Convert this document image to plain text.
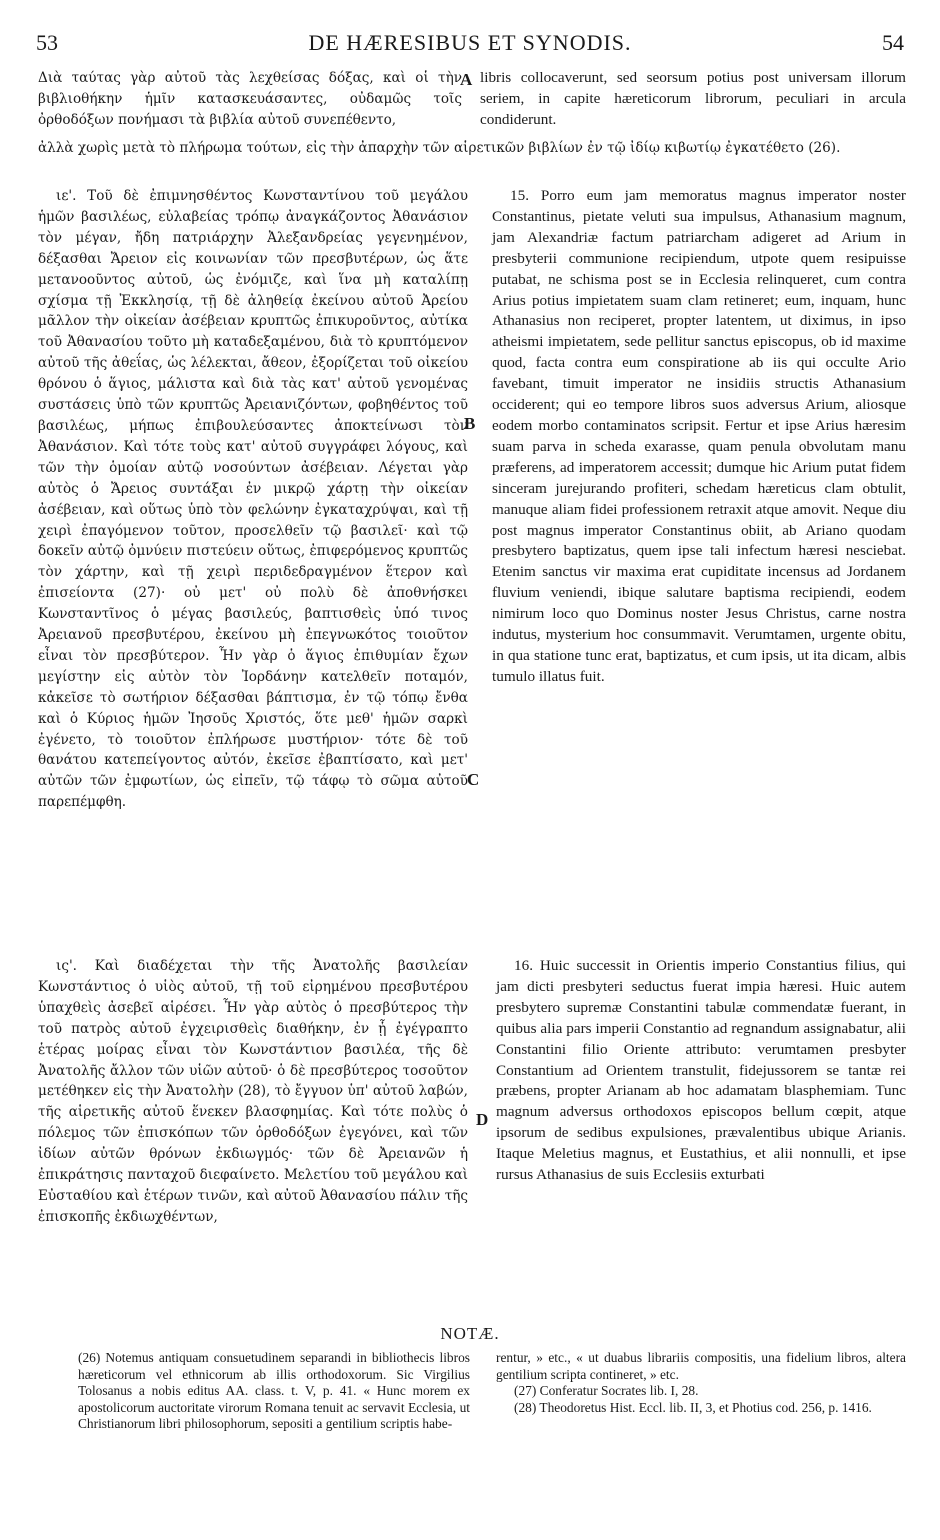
53	DE HÆRESIBUS ET SYNODIS.	54

Διὰ ταύτας γὰρ αὐτοῦ τὰς λεχθείσας δόξας, καὶ οἱ τὴν βιβλιοθήκην ἡμῖν κατασκευάσαντες, οὐδαμῶς τοῖς ὀρθοδόξων πονήμασι τὰ βιβλία αὐτοῦ συνεπέθεντο,

A libris collocaverunt, sed seorsum potius post universam illorum seriem, in capite hæreticorum librorum, peculiari in arcula condiderunt.

ἀλλὰ χωρὶς μετὰ τὸ πλήρωμα τούτων, εἰς τὴν ἀπαρχὴν τῶν αἱρετικῶν βιβλίων ἐν τῷ ἰδίῳ κιβωτίῳ ἐγκατέθετο (26).

ιε'. Τοῦ δὲ ἐπιμνησθέντος Κωνσταντίνου τοῦ μεγάλου ἡμῶν βασιλέως, εὐλαβείας τρόπῳ ἀναγκάζοντος Ἀθανάσιον τὸν μέγαν, ἤδη πατριάρχην Ἀλεξανδρείας γεγενημένον, δέξασθαι Ἄρειον εἰς κοινωνίαν τῶν πρεσβυτέρων, ὡς ἅτε μετανοοῦντος αὐτοῦ, ὡς ἐνόμιζε, καὶ ἵνα μὴ καταλίπῃ σχίσμα τῇ Ἐκκλησίᾳ, τῇ δὲ ἀληθείᾳ ἐκείνου αὐτοῦ Ἀρείου μᾶλλον τὴν οἰκείαν ἀσέβειαν κρυπτῶς ἐπικυροῦντος, αὐτίκα τοῦ Ἀθανασίου τοῦτο μὴ καταδεξαμένου, διὰ τὸ κρυπτόμενον αὐτοῦ τῆς ἀθεΐας, ὡς λέλεκται, ἄθεον, ἐξορίζεται τοῦ οἰκείου θρόνου ὁ ἅγιος, μάλιστα καὶ διὰ τὰς κατ' αὐτοῦ γενομένας συστάσεις ὑπὸ τῶν κρυπτῶς Ἀρειανιζόντων, φοβηθέντος τοῦ βασιλέως, μήπως ἐπιβουλεύσαντες ἀποκτείνωσι τὸν Ἀθανάσιον. Καὶ τότε τοὺς κατ' αὐτοῦ συγγράφει λόγους, καὶ τῶν τὴν ὁμοίαν αὐτῷ νοσούντων ἀσέβειαν. Λέγεται γὰρ αὐτὸς ὁ Ἄρειος συντάξαι ἐν μικρῷ χάρτῃ τὴν οἰκείαν ἀσέβειαν, καὶ οὕτως ὑπὸ τὸν φελώνην ἐγκαταχρύψαι, καὶ τῇ χειρὶ ἐπαγόμενον τοῦτον, προσελθεῖν τῷ βασιλεῖ· καὶ τῷ δοκεῖν αὐτῷ ὀμνύειν πιστεύειν οὕτως, ἐπιφερόμενος κρυπτῶς τὸν χάρτην, καὶ τῇ χειρὶ περιδεδραγμένον ἕτερον καὶ ἐπισείοντα (27)· οὐ μετ' οὐ πολὺ δὲ ἀποθνήσκει Κωνσταντῖνος ὁ μέγας βασιλεύς, βαπτισθεὶς ὑπό τινος Ἀρειανοῦ πρεσβυτέρου, ἐκείνου μὴ ἐπεγνωκότος τοιοῦτον εἶναι τὸν πρεσβύτερον. Ἦν γὰρ ὁ ἅγιος ἐπιθυμίαν ἔχων μεγίστην εἰς αὐτὸν τὸν Ἰορδάνην κατελθεῖν ποταμόν, κἀκεῖσε τὸ σωτήριον δέξασθαι βάπτισμα, ἐν τῷ τόπῳ ἔνθα καὶ ὁ Κύριος ἡμῶν Ἰησοῦς Χριστός, ὅτε μεθ' ἡμῶν σαρκὶ ἐγένετο, τὸ τοιοῦτον ἐπλήρωσε μυστήριον· τότε δὲ τοῦ θανάτου κατεπείγοντος αὐτόν, ἐκεῖσε ἐβαπτίσατο, καὶ μετ' αὐτῶν τῶν ἐμφωτίων, ὡς εἰπεῖν, τῷ τάφῳ τὸ σῶμα αὐτοῦ παρεπέμφθη.

B
C

15. Porro eum jam memoratus magnus imperator noster Constantinus, pietate veluti sua impulsus, Athanasium magnum, jam Alexandriæ factum patriarcham adigeret ad Arium in presbyterii communione recipiendum, utpote quem resipuisse putabat, ne schisma post se in Ecclesia relinqueret, cum contra Arius potius impietatem suam clam retineret; eum, inquam, hunc Athanasius non reciperet, propter latentem, ut diximus, in ipso atheismi impietatem, sede pellitur sanctus episcopus, ob id maxime quod, facta contra eum conspiratione ab iis qui occulte Ario favebant, timuit imperator ne insidiis structis Athanasium occiderent; qui eo tempore libros suos adversus Arium, aliosque eodem morbo contaminatos scripsit. Fertur et ipse Arius hæresim suam parva in scheda exarasse, quam penula obvolutam manu præferens, ad imperatorem accessit; dumque hic Arium putat fidem sinceram jurejurando profiteri, schedam hæreticus clam obtulit, manuque aliam fidei professionem retraxit atque amovit. Neque diu post magnus imperator Constantinus obiit, ab Ariano quodam presbytero baptizatus, quem ipse tali infectum hæresi nesciebat. Etenim sanctus vir maxima erat cupiditate incensus ad Jordanem fluvium veniendi, ibique salutare baptisma recipiendi, eodem nimirum loco quo Dominus noster Jesus Christus, carne nostra indutus, mysterium hoc consummavit. Verumtamen, urgente obitu, in qua statione tunc erat, baptizatus, et cum ipsis, ut ita dicam, albis tumulo illatus fuit.

ις'. Καὶ διαδέχεται τὴν τῆς Ἀνατολῆς βασιλείαν Κωνστάντιος ὁ υἱὸς αὐτοῦ, τῇ τοῦ εἰρημένου πρεσβυτέρου ὑπαχθεὶς ἀσεβεῖ αἱρέσει. Ἦν γὰρ αὐτὸς ὁ πρεσβύτερος τὴν τοῦ πατρὸς αὐτοῦ ἐγχειρισθεὶς διαθήκην, ἐν ᾗ ἐγέγραπτο ἑτέρας μοίρας εἶναι τὸν Κωνστάντιον βασιλέα, τῆς δὲ Ἀνατολῆς ἄλλον τῶν υἱῶν αὐτοῦ· ὁ δὲ πρεσβύτερος τοσοῦτον μετέθηκεν εἰς τὴν Ἀνατολὴν (28), τὸ ἔγγυον ὑπ' αὐτοῦ λαβών, τῆς αἱρετικῆς αὐτοῦ ἕνεκεν βλασφημίας. Καὶ τότε πολὺς ὁ πόλεμος τῶν ἐπισκόπων τῶν ὀρθοδόξων ἐγεγόνει, καὶ τῶν ἰδίων αὐτῶν θρόνων ἐκδιωγμός· τῶν δὲ Ἀρειανῶν ἡ ἐπικράτησις πανταχοῦ διεφαίνετο. Μελετίου τοῦ μεγάλου καὶ Εὐσταθίου καὶ ἑτέρων τινῶν, καὶ αὐτοῦ Ἀθανασίου πάλιν τῆς ἐπισκοπῆς ἐκδιωχθέντων,

D

16. Huic successit in Orientis imperio Constantius filius, qui jam dicti presbyteri seductus fuerat impia hæresi. Huic autem presbytero supremæ Constantini tabulæ commendatæ fuerant, in quibus alia pars imperii Constantio ad regnandum assignabatur, alii Constantini filio Oriente attributo: verumtamen presbyter Constantium ad Orientem transtulit, fidejussorem se tantæ rei præbens, propter Arianam ab hoc adamatam blasphemiam. Tunc magnum adversus orthodoxos episcopos bellum cœpit, atque ipsorum de sedibus expulsiones, prævalentibus ubique Arianis. Itaque Meletius magnus, et Eustathius, et alii nonnulli, et ipse rursus Athanasius de suis Ecclesiis exturbati

NOTÆ.

(26) Notemus antiquam consuetudinem separandi in bibliothecis libros hæreticorum vel ethnicorum ab illis orthodoxorum. Sic Virgilius Tolosanus a nobis editus AA. class. t. V, p. 41. « Hunc morem ex apostolicorum auctoritate virorum Romana tenuit ac servavit Ecclesia, ut Christianorum libri philosophorum, sepositi a gentilium scriptis habe-

rentur, » etc., « ut duabus librariis compositis, una fidelium libros, altera gentilium scripta contineret, » etc.

(27) Conferatur Socrates lib. I, 28.

(28) Theodoretus Hist. Eccl. lib. II, 3, et Photius cod. 256, p. 1416.
